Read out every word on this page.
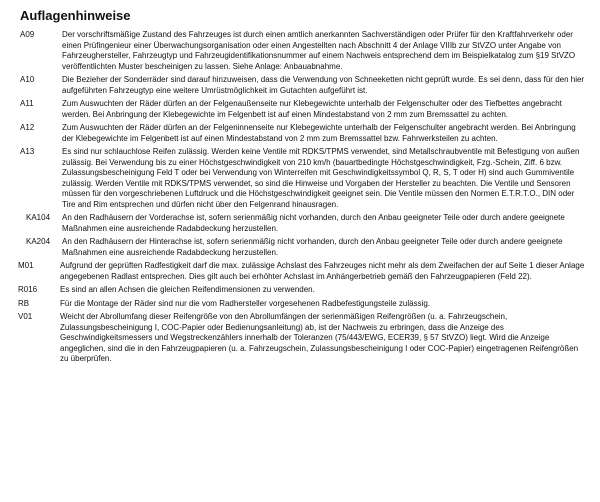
Auflagenhinweise
A09	Der vorschriftsmäßige Zustand des Fahrzeuges ist durch einen amtlich anerkannten Sachverständigen oder Prüfer für den Kraftfahrverkehr oder einen Prüfingenieur einer Überwachungsorganisation oder einen Angestellten nach Abschnitt 4 der Anlage VIIIb zur StVZO unter Angabe von Fahrzeughersteller, Fahrzeugtyp und Fahrzeugidentifikationsnummer auf einem Nachweis entsprechend dem im Beispielkatalog zum §19 StVZO veröffentlichten Muster bescheinigen zu lassen. Siehe Anlage: Anbauabnahme.
A10	Die Bezieher der Sonderräder sind darauf hinzuweisen, dass die Verwendung von Schneeketten nicht geprüft wurde. Es sei denn, dass für den hier aufgeführten Fahrzeugtyp eine weitere Umrüstmöglichkeit im Gutachten aufgeführt ist.
A11	Zum Auswuchten der Räder dürfen an der Felgenaußenseite nur Klebegewichte unterhalb der Felgenschulter oder des Tiefbettes angebracht werden. Bei Anbringung der Klebegewichte im Felgenbett ist auf einen Mindestabstand von 2 mm zum Bremssattel zu achten.
A12	Zum Auswuchten der Räder dürfen an der Felgeninnenseite nur Klebegewichte unterhalb der Felgenschulter angebracht werden. Bei Anbringung der Klebegewichte im Felgenbett ist auf einen Mindestabstand von 2 mm zum Bremssattel bzw. Fahrwerksteilen zu achten.
A13	Es sind nur schlauchlose Reifen zulässig. Werden keine Ventile mit RDKS/TPMS verwendet, sind Metallschraubventile mit Befestigung von außen zulässig. Bei Verwendung bis zu einer Höchstgeschwindigkeit von 210 km/h (bauartbedingte Höchstgeschwindigkeit, Fzg.-Schein, Ziff. 6 bzw. Zulassungsbescheinigung Feld T oder bei Verwendung von Winterreifen mit Geschwindigkeitssymbol Q, R, S, T oder H) sind auch Gummiventile zulässig. Werden Ventile mit RDKS/TPMS verwendet, so sind die Hinweise und Vorgaben der Hersteller zu beachten. Die Ventile und Sensoren müssen für den vorgeschriebenen Luftdruck und die Höchstgeschwindigkeit geeignet sein. Die Ventile müssen den Normen E.T.R.T.O., DIN oder Tire and Rim entsprechen und dürfen nicht über den Felgenrand hinausragen.
KA104	An den Radhäusern der Vorderachse ist, sofern serienmäßig nicht vorhanden, durch den Anbau geeigneter Teile oder durch andere geeignete Maßnahmen eine ausreichende Radabdeckung herzustellen.
KA204	An den Radhäusern der Hinterachse ist, sofern serienmäßig nicht vorhanden, durch den Anbau geeigneter Teile oder durch andere geeignete Maßnahmen eine ausreichende Radabdeckung herzustellen.
M01	Aufgrund der geprüften Radfestigkeit darf die max. zulässige Achslast des Fahrzeuges nicht mehr als dem Zweifachen der auf Seite 1 dieser Anlage angegebenen Radlast entsprechen. Dies gilt auch bei erhöhter Achslast im Anhängerbetrieb gemäß den Fahrzeugpapieren (Feld 22).
R016	Es sind an allen Achsen die gleichen Reifendimensionen zu verwenden.
RB	Für die Montage der Räder sind nur die vom Radhersteller vorgesehenen Radbefestigungsteile zulässig.
V01	Weicht der Abrollumfang dieser Reifengröße von den Abrollumfängen der serienmäßigen Reifengrößen (u. a. Fahrzeugschein, Zulassungsbescheinigung I, COC-Papier oder Bedienungsanleitung) ab, ist der Nachweis zu erbringen, dass die Anzeige des Geschwindigkeitsmessers und Wegstreckenzählers innerhalb der Toleranzen (75/443/EWG, ECER39, § 57 StVZO) liegt. Wird die Anzeige angeglichen, sind die in den Fahrzeugpapieren (u. a. Fahrzeugschein, Zulassungsbescheinigung I oder COC-Papier) eingetragenen Reifengrößen zu überprüfen.
